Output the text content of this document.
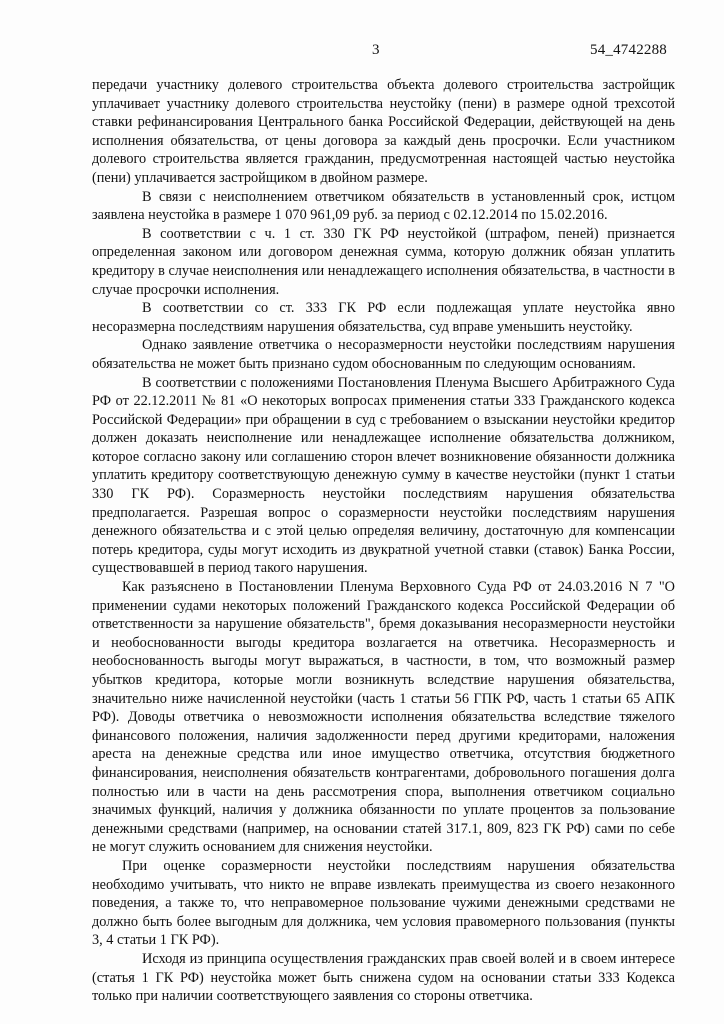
3	54_4742288

передачи участнику долевого строительства объекта долевого строительства застройщик уплачивает участнику долевого строительства неустойку (пени) в размере одной трехсотой ставки рефинансирования Центрального банка Российской Федерации, действующей на день исполнения обязательства, от цены договора за каждый день просрочки. Если участником долевого строительства является гражданин, предусмотренная настоящей частью неустойка (пени) уплачивается застройщиком в двойном размере.

В связи с неисполнением ответчиком обязательств в установленный срок, истцом заявлена неустойка в размере 1 070 961,09 руб. за период с 02.12.2014 по 15.02.2016.

В соответствии с ч. 1 ст. 330 ГК РФ неустойкой (штрафом, пеней) признается определенная законом или договором денежная сумма, которую должник обязан уплатить кредитору в случае неисполнения или ненадлежащего исполнения обязательства, в частности в случае просрочки исполнения.

В соответствии со ст. 333 ГК РФ если подлежащая уплате неустойка явно несоразмерна последствиям нарушения обязательства, суд вправе уменьшить неустойку.

Однако заявление ответчика о несоразмерности неустойки последствиям нарушения обязательства не может быть признано судом обоснованным по следующим основаниям.

В соответствии с положениями Постановления Пленума Высшего Арбитражного Суда РФ от 22.12.2011 № 81 «О некоторых вопросах применения статьи 333 Гражданского кодекса Российской Федерации» при обращении в суд с требованием о взыскании неустойки кредитор должен доказать неисполнение или ненадлежащее исполнение обязательства должником, которое согласно закону или соглашению сторон влечет возникновение обязанности должника уплатить кредитору соответствующую денежную сумму в качестве неустойки (пункт 1 статьи 330 ГК РФ). Соразмерность неустойки последствиям нарушения обязательства предполагается. Разрешая вопрос о соразмерности неустойки последствиям нарушения денежного обязательства и с этой целью определяя величину, достаточную для компенсации потерь кредитора, суды могут исходить из двукратной учетной ставки (ставок) Банка России, существовавшей в период такого нарушения.

Как разъяснено в Постановлении Пленума Верховного Суда РФ от 24.03.2016 N 7 "О применении судами некоторых положений Гражданского кодекса Российской Федерации об ответственности за нарушение обязательств", бремя доказывания несоразмерности неустойки и необоснованности выгоды кредитора возлагается на ответчика. Несоразмерность и необоснованность выгоды могут выражаться, в частности, в том, что возможный размер убытков кредитора, которые могли возникнуть вследствие нарушения обязательства, значительно ниже начисленной неустойки (часть 1 статьи 56 ГПК РФ, часть 1 статьи 65 АПК РФ). Доводы ответчика о невозможности исполнения обязательства вследствие тяжелого финансового положения, наличия задолженности перед другими кредиторами, наложения ареста на денежные средства или иное имущество ответчика, отсутствия бюджетного финансирования, неисполнения обязательств контрагентами, добровольного погашения долга полностью или в части на день рассмотрения спора, выполнения ответчиком социально значимых функций, наличия у должника обязанности по уплате процентов за пользование денежными средствами (например, на основании статей 317.1, 809, 823 ГК РФ) сами по себе не могут служить основанием для снижения неустойки.

При оценке соразмерности неустойки последствиям нарушения обязательства необходимо учитывать, что никто не вправе извлекать преимущества из своего незаконного поведения, а также то, что неправомерное пользование чужими денежными средствами не должно быть более выгодным для должника, чем условия правомерного пользования (пункты 3, 4 статьи 1 ГК РФ).

Исходя из принципа осуществления гражданских прав своей волей и в своем интересе (статья 1 ГК РФ) неустойка может быть снижена судом на основании статьи 333 Кодекса только при наличии соответствующего заявления со стороны ответчика.
